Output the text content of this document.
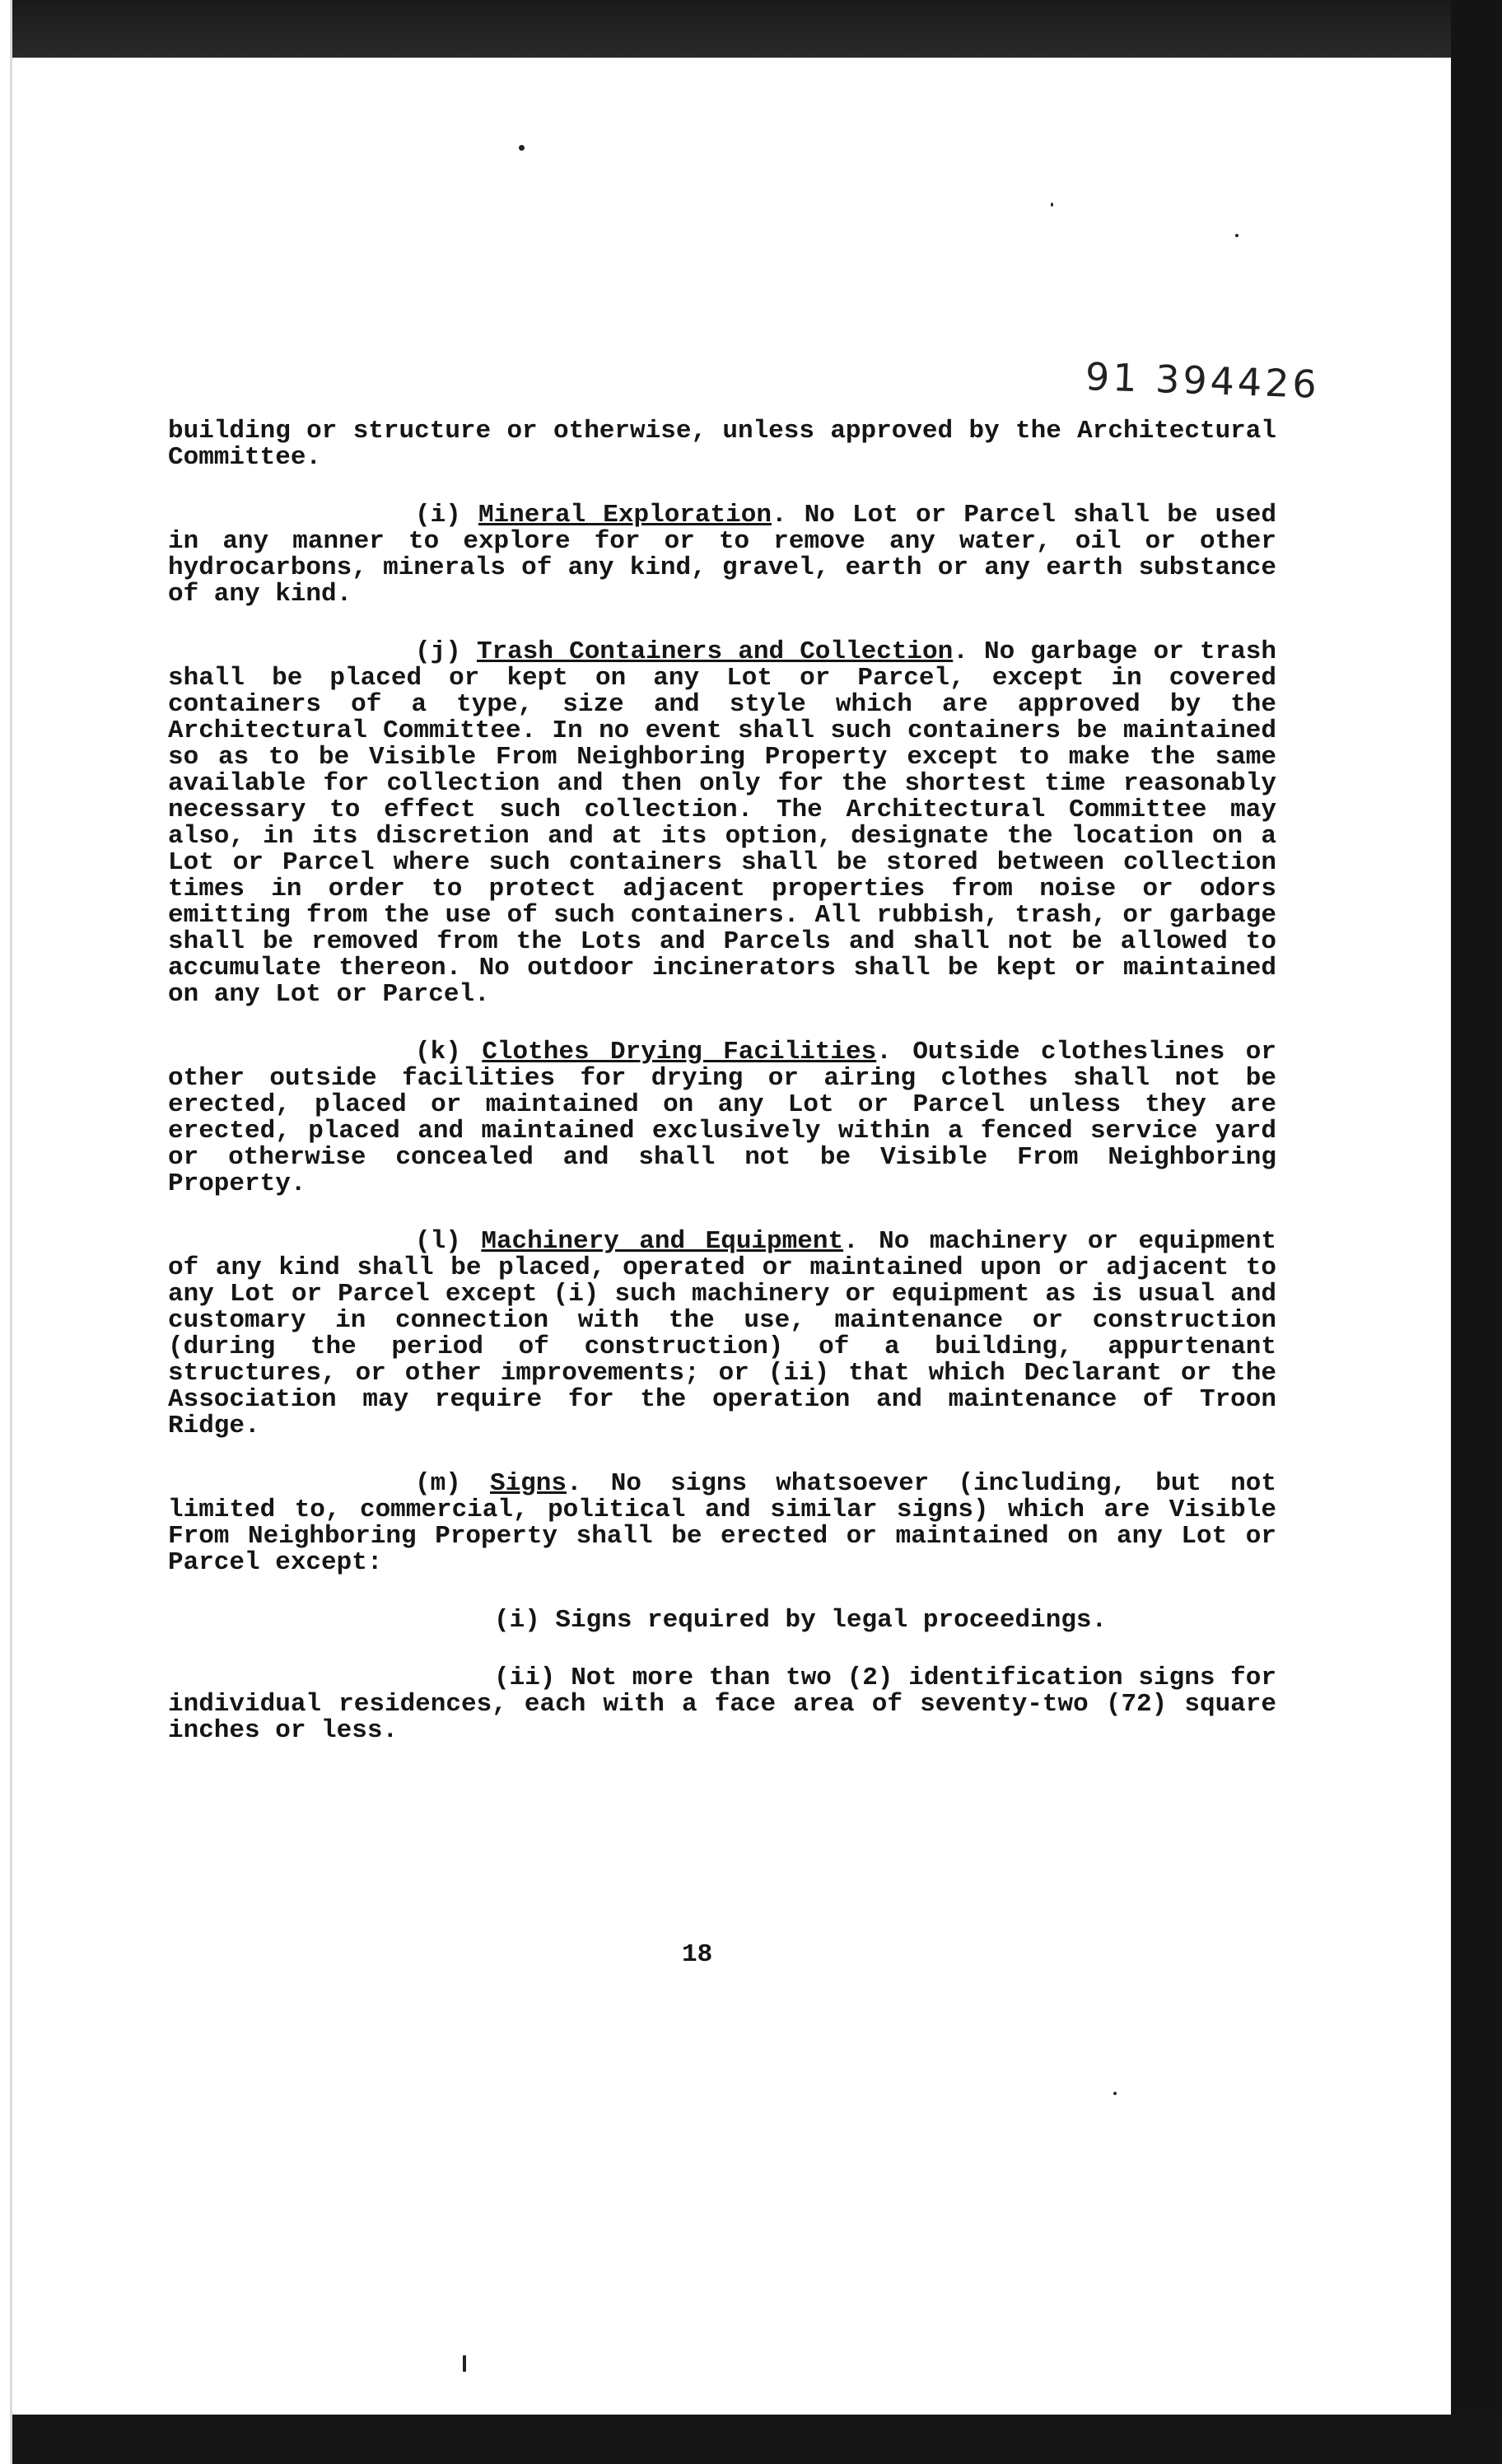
91 394426

building or structure or otherwise, unless approved by the Architectural Committee.

(i) Mineral Exploration. No Lot or Parcel shall be used in any manner to explore for or to remove any water, oil or other hydrocarbons, minerals of any kind, gravel, earth or any earth substance of any kind.

(j) Trash Containers and Collection. No garbage or trash shall be placed or kept on any Lot or Parcel, except in covered containers of a type, size and style which are approved by the Architectural Committee. In no event shall such containers be maintained so as to be Visible From Neighboring Property except to make the same available for collection and then only for the shortest time reasonably necessary to effect such collection. The Architectural Committee may also, in its discretion and at its option, designate the location on a Lot or Parcel where such containers shall be stored between collection times in order to protect adjacent properties from noise or odors emitting from the use of such containers. All rubbish, trash, or garbage shall be removed from the Lots and Parcels and shall not be allowed to accumulate thereon. No outdoor incinerators shall be kept or maintained on any Lot or Parcel.

(k) Clothes Drying Facilities. Outside clotheslines or other outside facilities for drying or airing clothes shall not be erected, placed or maintained on any Lot or Parcel unless they are erected, placed and maintained exclusively within a fenced service yard or otherwise concealed and shall not be Visible From Neighboring Property.

(l) Machinery and Equipment. No machinery or equipment of any kind shall be placed, operated or maintained upon or adjacent to any Lot or Parcel except (i) such machinery or equipment as is usual and customary in connection with the use, maintenance or construction (during the period of construction) of a building, appurtenant structures, or other improvements; or (ii) that which Declarant or the Association may require for the operation and maintenance of Troon Ridge.

(m) Signs. No signs whatsoever (including, but not limited to, commercial, political and similar signs) which are Visible From Neighboring Property shall be erected or maintained on any Lot or Parcel except:

(i) Signs required by legal proceedings.

(ii) Not more than two (2) identification signs for individual residences, each with a face area of seventy-two (72) square inches or less.

18
